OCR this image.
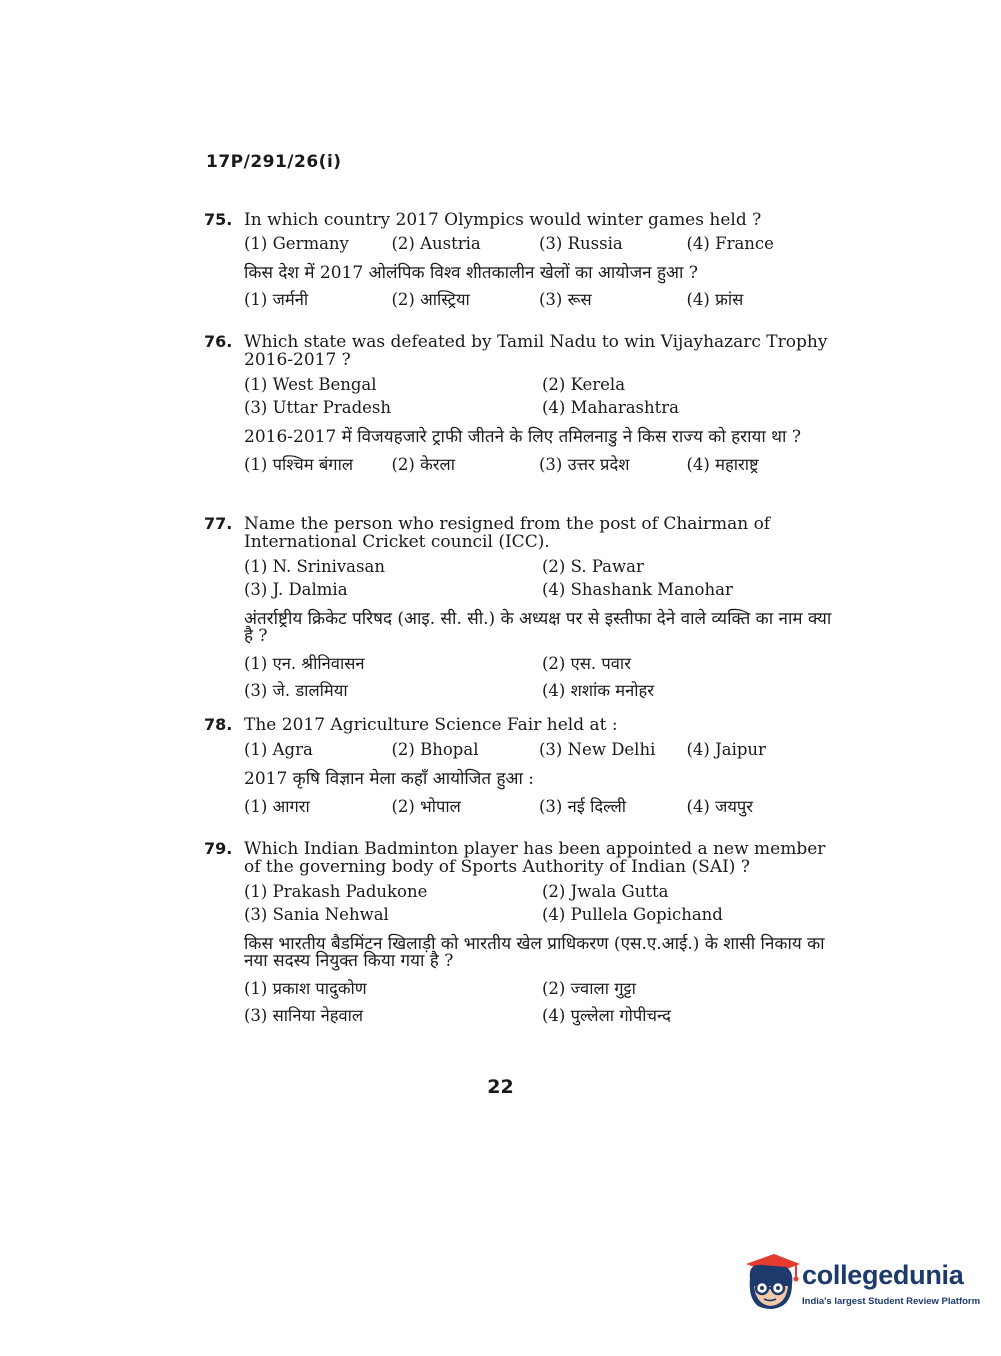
17P/291/26(i)
75. In which country 2017 Olympics would winter games held ?
(1) Germany	(2) Austria	(3) Russia	(4) France
किस देश में 2017 ओलंपिक विश्व शीतकालीन खेलों का आयोजन हुआ ?
(1) जर्मनी	(2) आस्ट्रिया	(3) रूस	(4) फ्रांस
76. Which state was defeated by Tamil Nadu to win Vijayhazarc Trophy 2016-2017 ?
(1) West Bengal	(2) Kerela
(3) Uttar Pradesh	(4) Maharashtra
2016-2017 में विजयहजारे ट्राफी जीतने के लिए तमिलनाडु ने किस राज्य को हराया था ?
(1) पश्चिम बंगाल	(2) केरला	(3) उत्तर प्रदेश	(4) महाराष्ट्र
77. Name the person who resigned from the post of Chairman of International Cricket council (ICC).
(1) N. Srinivasan	(2) S. Pawar
(3) J. Dalmia	(4) Shashank Manohar
अंतर्राष्ट्रीय क्रिकेट परिषद (आइ. सी. सी.) के अध्यक्ष पर से इस्तीफा देने वाले व्यक्ति का नाम क्या है ?
(1) एन. श्रीनिवासन	(2) एस. पवार
(3) जे. डालमिया	(4) शशांक मनोहर
78. The 2017 Agriculture Science Fair held at :
(1) Agra	(2) Bhopal	(3) New Delhi	(4) Jaipur
2017 कृषि विज्ञान मेला कहाँ आयोजित हुआ :
(1) आगरा	(2) भोपाल	(3) नई दिल्ली	(4) जयपुर
79. Which Indian Badminton player has been appointed a new member of the governing body of Sports Authority of Indian (SAI) ?
(1) Prakash Padukone	(2) Jwala Gutta
(3) Sania Nehwal	(4) Pullela Gopichand
किस भारतीय बैडमिंटन खिलाड़ी को भारतीय खेल प्राधिकरण (एस.ए.आई.) के शासी निकाय का नया सदस्य नियुक्त किया गया है ?
(1) प्रकाश पादुकोण	(2) ज्वाला गुट्टा
(3) सानिया नेहवाल	(4) पुल्लेला गोपीचन्द
22
collegedunia
India's largest Student Review Platform
